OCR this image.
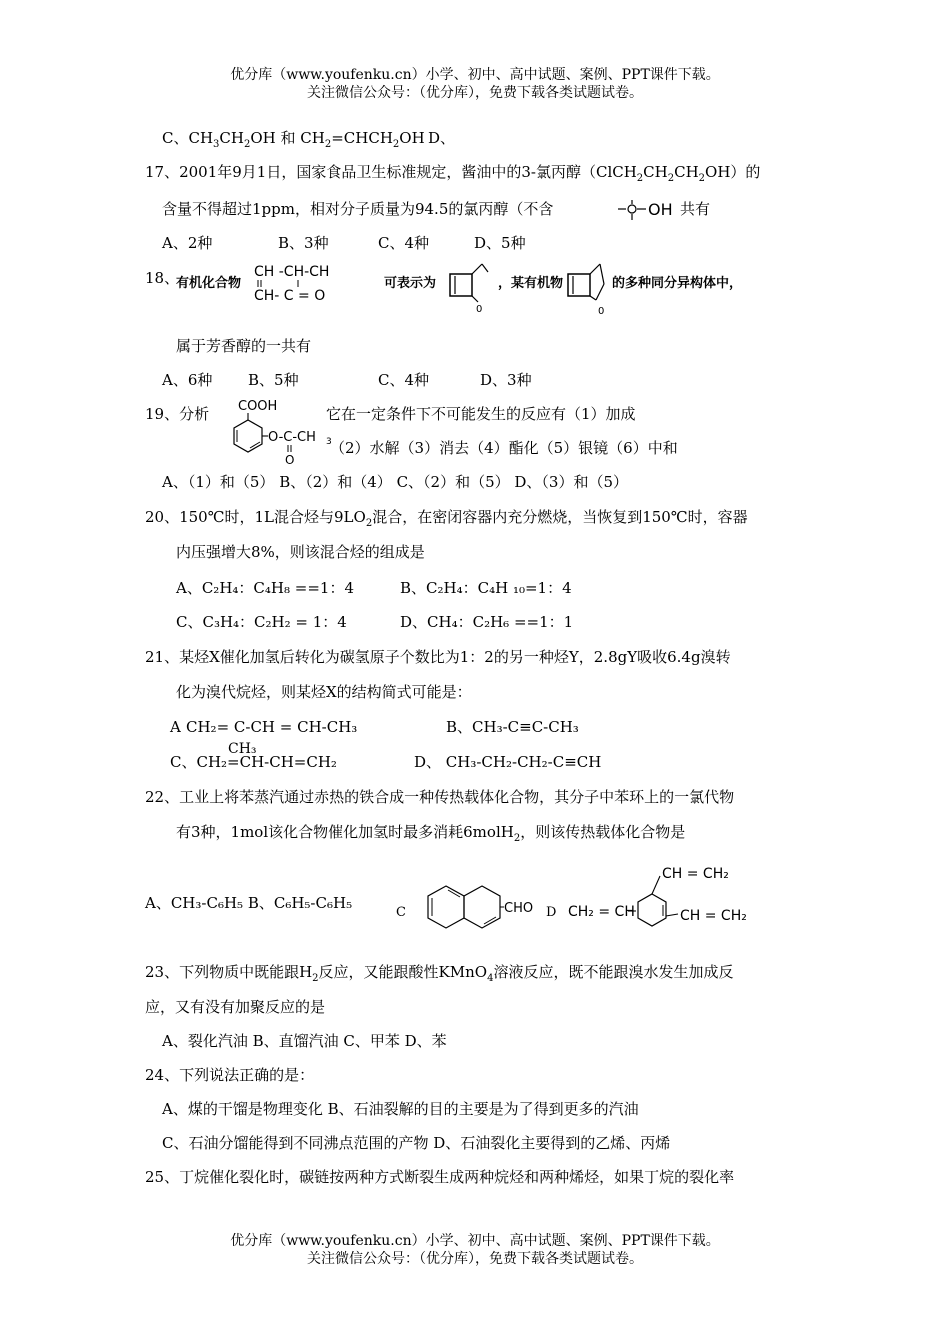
优分库（www.youfenku.cn）小学、初中、高中试题、案例、PPT课件下载。
关注微信公众号：（优分库），免费下载各类试题试卷。
C、$CH_3CH_2OH$ 和 $CH_2=CHCH_2OH$ D、
17、2001年9月1日，国家食品卫生标准规定，酱油中的3-氯丙醇$(ClCH_2CH_2CH_2OH)$的
含量不得超过1ppm，相对分子质量为94.5的氯丙醇（不含	OH 共有
A、2种	B、3种	C、4种	D、5种
18、
有机化合物
CH -CH-CH
CH- C = O
可表示为
0
，某有机物
0
的多种同分异构体中，
属于芳香醇的一共有
A、6种 B、5种	C、4种	D、3种
19、分析 COOH
O-C-CH 3
O
它在一定条件下不可能发生的反应有（1）加成
（2）水解（3）消去（4）酯化（5）银镜（6）中和
A、（1）和（5） B、（2）和（4） C、（2）和（5） D、（3）和（5）
20、150℃时，1L混合烃与$9LO_2$混合，在密闭容器内充分燃烧，当恢复到150℃时，容器
内压强增大8%，则该混合烃的组成是
A、C₂H₄：C₄H₈ ==1：4	B、C₂H₄：C₄H ₁₀=1：4
C、C₃H₄：C₂H₂ = 1：4	D、CH₄：C₂H₆ ==1：1
21、某烃X催化加氢后转化为碳氢原子个数比为1：2的另一种烃Y，2.8gY吸收6.4g溴转
化为溴代烷烃，则某烃X的结构简式可能是：
A CH₂= C-CH = CH-CH₃
CH₃
B、CH₃-C≡C-CH₃
C、CH₂=CH-CH=CH₂	D、 CH₃-CH₂-CH₂-C≡CH
22、工业上将苯蒸汽通过赤热的铁合成一种传热载体化合物，其分子中苯环上的一氯代物
有3种，1mol该化合物催化加氢时最多消耗6molH$_2$，则该传热载体化合物是
A、CH₃-C₆H₅ B、C₆H₅-C₆H₅
C	CHO D CH₂ = CH
CH = CH₂
CH = CH₂
23、下列物质中既能跟$H_2$反应，又能跟酸性KMnO$_4$溶液反应，既不能跟溴水发生加成反
应，又有没有加聚反应的是
A、裂化汽油 B、直馏汽油 C、甲苯 D、苯
24、下列说法正确的是：
A、煤的干馏是物理变化 B、石油裂解的目的主要是为了得到更多的汽油
C、石油分馏能得到不同沸点范围的产物 D、石油裂化主要得到的乙烯、丙烯
25、丁烷催化裂化时，碳链按两种方式断裂生成两种烷烃和两种烯烃，如果丁烷的裂化率
优分库（www.youfenku.cn）小学、初中、高中试题、案例、PPT课件下载。
关注微信公众号：（优分库），免费下载各类试题试卷。
